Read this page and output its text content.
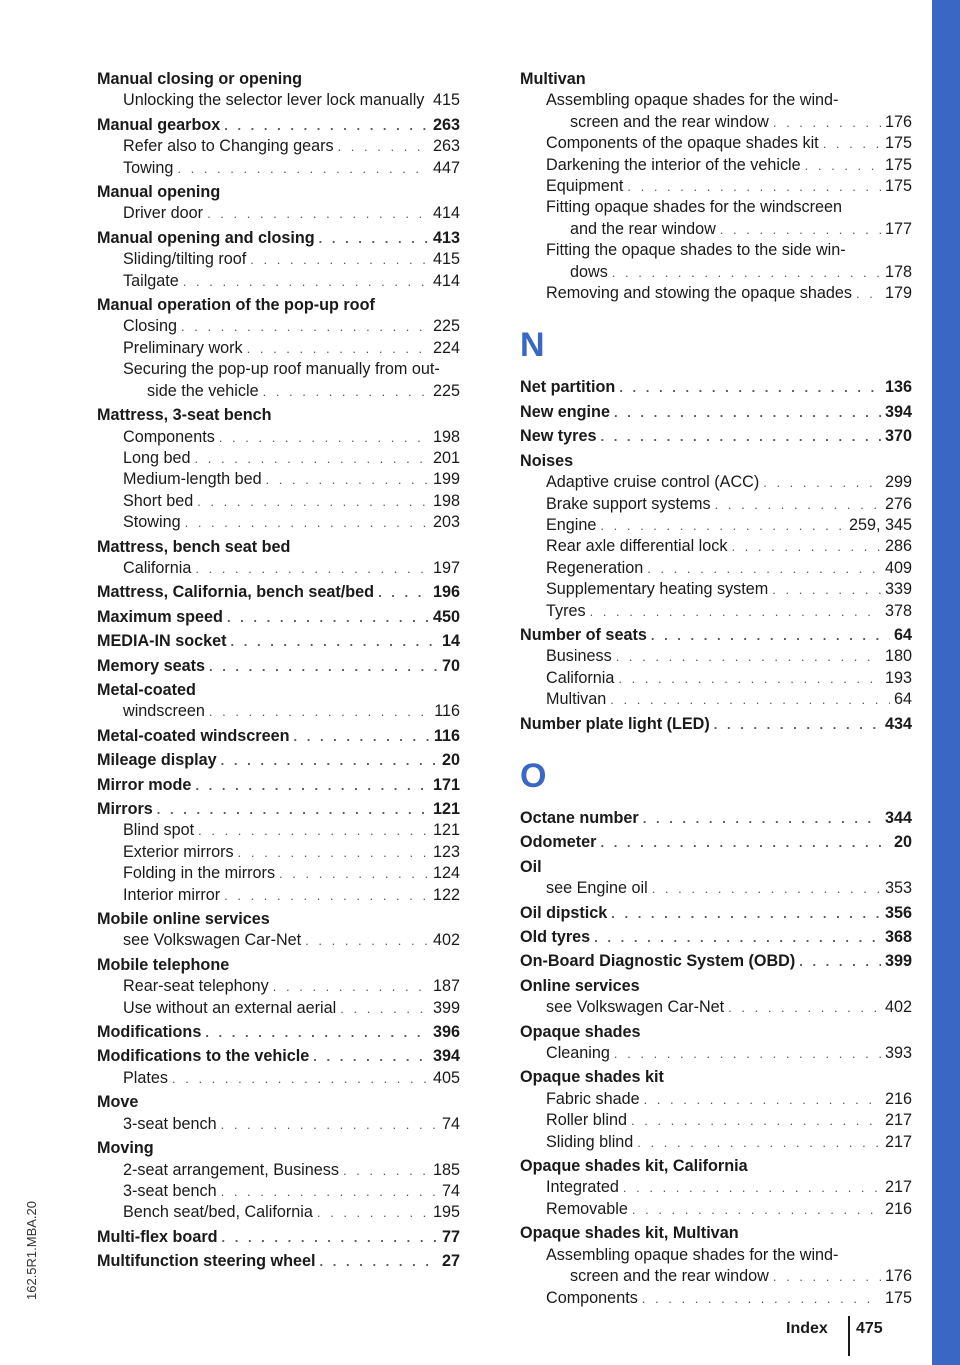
162.5R1.MBA.20
Manual closing or opening
Unlocking the selector lever lock manually . . . 415
Manual gearbox . . .	263
Refer also to Changing gears . . .	263
Towing . . .	447
Manual opening
Driver door . . .	414
Manual opening and closing . . .	413
Sliding/tilting roof . . .	415
Tailgate . . .	414
Manual operation of the pop-up roof
Closing . . .	225
Preliminary work . . .	224
Securing the pop-up roof manually from out-
side the vehicle . . .	225
Mattress, 3-seat bench
Components . . .	198
Long bed . . .	201
Medium-length bed . . .	199
Short bed . . .	198
Stowing . . .	203
Mattress, bench seat bed
California . . .	197
Mattress, California, bench seat/bed . . .	196
Maximum speed . . .	450
MEDIA-IN socket . . .	14
Memory seats . . .	70
Metal-coated
windscreen . . .	116
Metal-coated windscreen . . .	116
Mileage display . . .	20
Mirror mode . . .	171
Mirrors . . .	121
Blind spot . . .	121
Exterior mirrors . . .	123
Folding in the mirrors . . .	124
Interior mirror . . .	122
Mobile online services
see Volkswagen Car-Net . . .	402
Mobile telephone
Rear-seat telephony . . .	187
Use without an external aerial . . .	399
Modifications . . .	396
Modifications to the vehicle . . .	394
Plates . . .	405
Move
3-seat bench . . .	74
Moving
2-seat arrangement, Business . . .	185
3-seat bench . . .	74
Bench seat/bed, California . . .	195
Multi-flex board . . .	77
Multifunction steering wheel . . .	27
Multivan
Assembling opaque shades for the wind-
screen and the rear window . . .	176
Components of the opaque shades kit . . .	175
Darkening the interior of the vehicle . . .	175
Equipment . . .	175
Fitting opaque shades for the windscreen
and the rear window . . .	177
Fitting the opaque shades to the side win-
dows . . .	178
Removing and stowing the opaque shades . . . 179
N
Net partition . . .	136
New engine . . .	394
New tyres . . .	370
Noises
Adaptive cruise control (ACC) . . .	299
Brake support systems . . .	276
Engine . . .	259, 345
Rear axle differential lock . . .	286
Regeneration . . .	409
Supplementary heating system . . .	339
Tyres . . .	378
Number of seats . . .	64
Business . . .	180
California . . .	193
Multivan . . .	64
Number plate light (LED) . . .	434
O
Octane number . . .	344
Odometer . . .	20
Oil
see Engine oil . . .	353
Oil dipstick . . .	356
Old tyres . . .	368
On-Board Diagnostic System (OBD) . . .	399
Online services
see Volkswagen Car-Net . . .	402
Opaque shades
Cleaning . . .	393
Opaque shades kit
Fabric shade . . .	216
Roller blind . . .	217
Sliding blind . . .	217
Opaque shades kit, California
Integrated . . .	217
Removable . . .	216
Opaque shades kit, Multivan
Assembling opaque shades for the wind-
screen and the rear window . . .	176
Components . . .	175
Index 475
